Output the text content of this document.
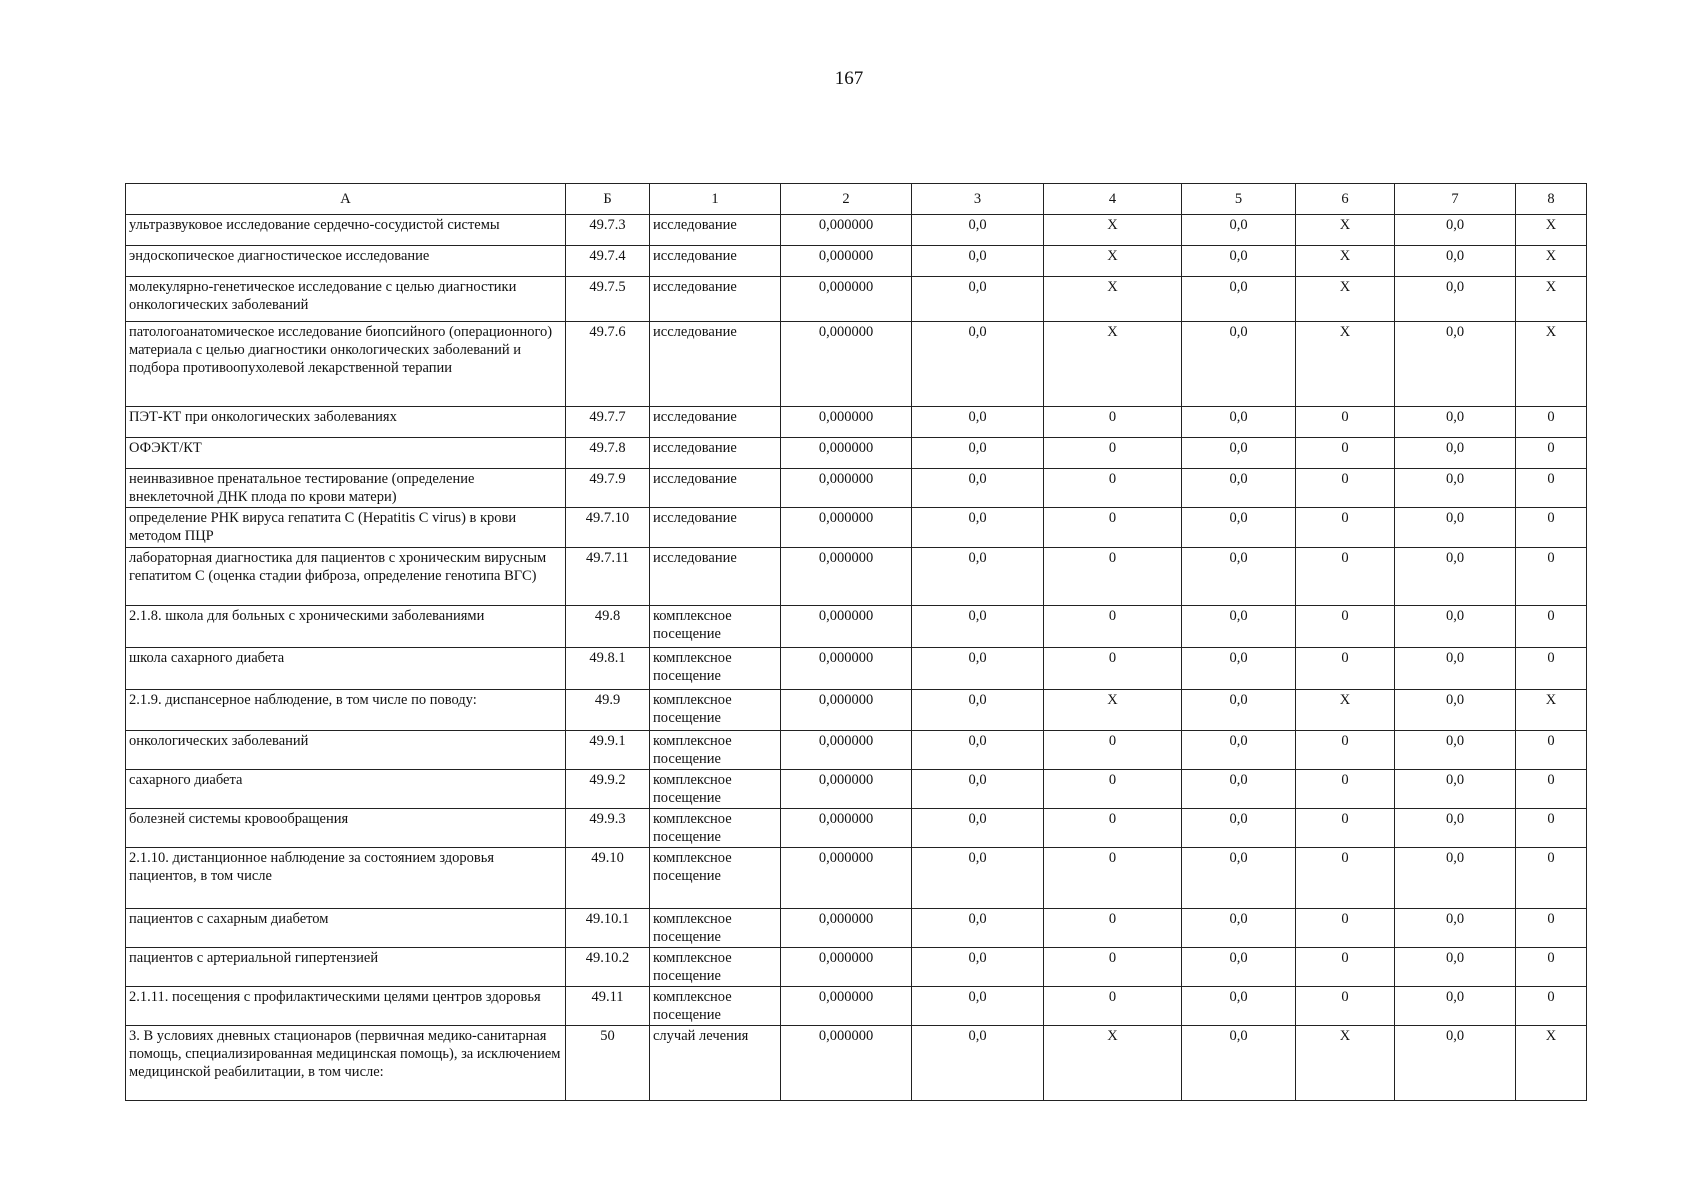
167
А	Б	1	2	3	4	5	6	7	8
ультразвуковое исследование сердечно-сосудистой системы	49.7.3	исследование	0,000000	0,0	Х	0,0	Х	0,0	Х
эндоскопическое диагностическое исследование	49.7.4	исследование	0,000000	0,0	Х	0,0	Х	0,0	Х
молекулярно-генетическое исследование с целью диагностики онкологических заболеваний	49.7.5	исследование	0,000000	0,0	Х	0,0	Х	0,0	Х
патологоанатомическое исследование биопсийного (операционного) материала с целью диагностики онкологических заболеваний и подбора противоопухолевой лекарственной терапии	49.7.6	исследование	0,000000	0,0	Х	0,0	Х	0,0	Х
ПЭТ-КТ при онкологических заболеваниях	49.7.7	исследование	0,000000	0,0	0	0,0	0	0,0	0
ОФЭКТ/КТ	49.7.8	исследование	0,000000	0,0	0	0,0	0	0,0	0
неинвазивное пренатальное тестирование (определение внеклеточной ДНК плода по крови матери)	49.7.9	исследование	0,000000	0,0	0	0,0	0	0,0	0
определение РНК вируса гепатита С (Hepatitis C virus) в крови методом ПЦР	49.7.10	исследование	0,000000	0,0	0	0,0	0	0,0	0
лабораторная диагностика для пациентов с хроническим вирусным гепатитом С (оценка стадии фиброза, определение генотипа ВГС)	49.7.11	исследование	0,000000	0,0	0	0,0	0	0,0	0
2.1.8. школа для больных с хроническими заболеваниями	49.8	комплексное посещение	0,000000	0,0	0	0,0	0	0,0	0
школа сахарного диабета	49.8.1	комплексное посещение	0,000000	0,0	0	0,0	0	0,0	0
2.1.9. диспансерное наблюдение, в том числе по поводу:	49.9	комплексное посещение	0,000000	0,0	Х	0,0	Х	0,0	Х
онкологических заболеваний	49.9.1	комплексное посещение	0,000000	0,0	0	0,0	0	0,0	0
сахарного диабета	49.9.2	комплексное посещение	0,000000	0,0	0	0,0	0	0,0	0
болезней системы кровообращения	49.9.3	комплексное посещение	0,000000	0,0	0	0,0	0	0,0	0
2.1.10. дистанционное наблюдение за состоянием здоровья пациентов, в том числе	49.10	комплексное посещение	0,000000	0,0	0	0,0	0	0,0	0
пациентов с сахарным диабетом	49.10.1	комплексное посещение	0,000000	0,0	0	0,0	0	0,0	0
пациентов с артериальной гипертензией	49.10.2	комплексное посещение	0,000000	0,0	0	0,0	0	0,0	0
2.1.11. посещения с профилактическими целями центров здоровья	49.11	комплексное посещение	0,000000	0,0	0	0,0	0	0,0	0
3. В условиях дневных стационаров (первичная медико-санитарная помощь, специализированная медицинская помощь), за исключением медицинской реабилитации, в том числе:	50	случай лечения	0,000000	0,0	Х	0,0	Х	0,0	Х
